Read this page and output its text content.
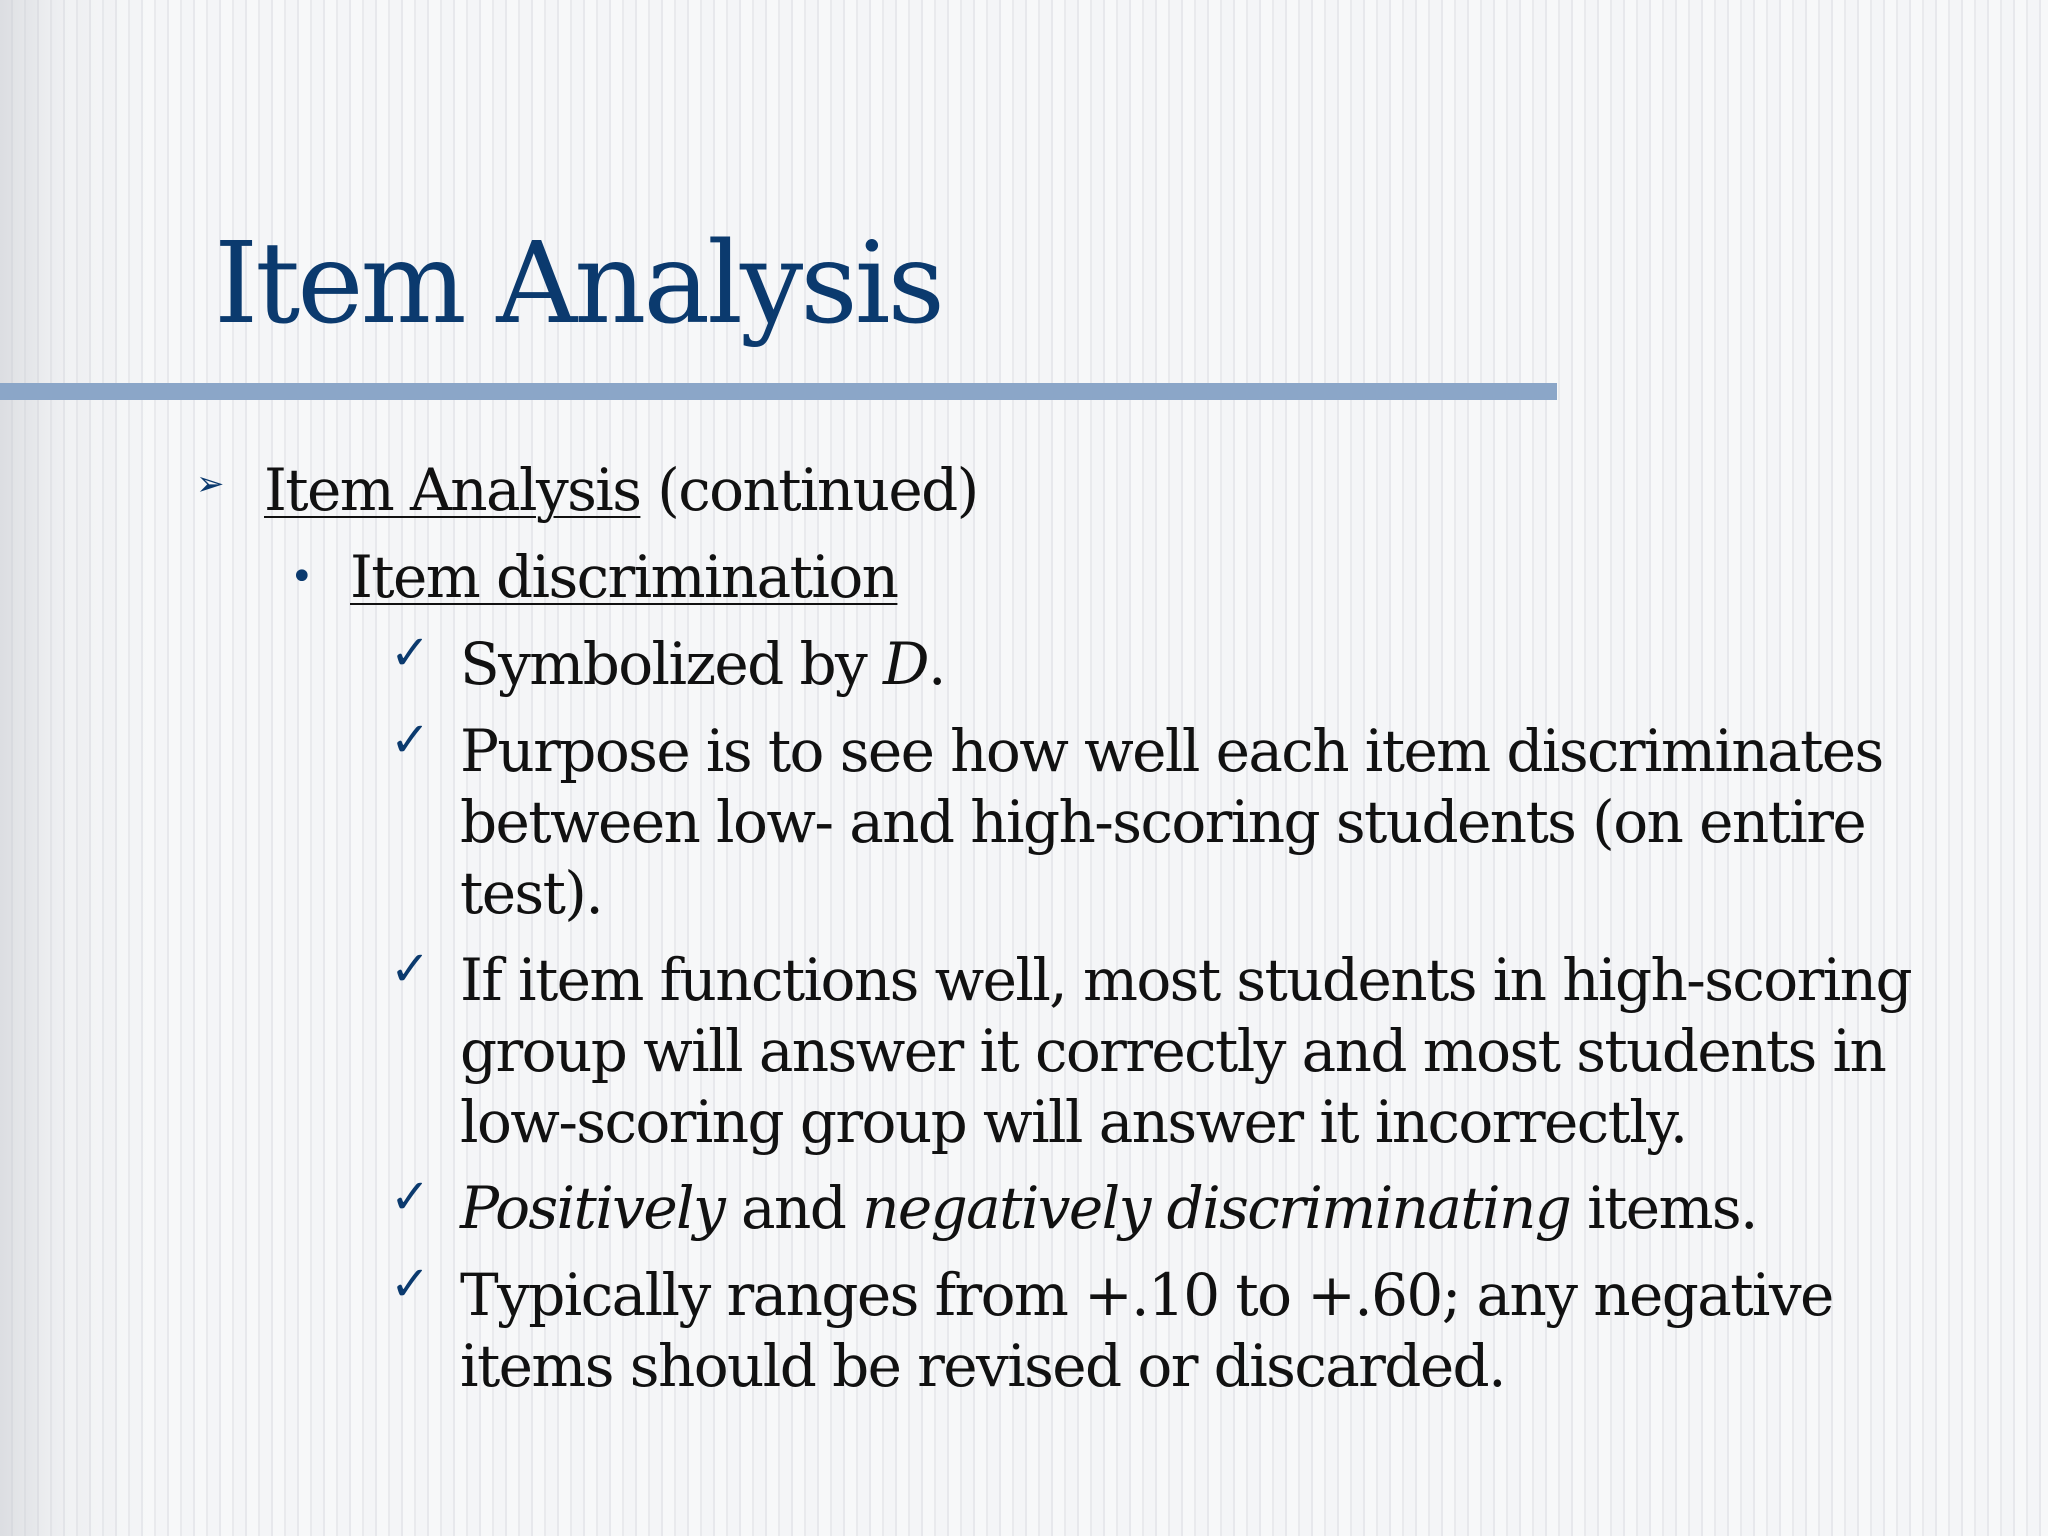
Item Analysis
➢ Item Analysis (continued)
• Item discrimination
✓ Symbolized by D.
✓ Purpose is to see how well each item discriminates
between low- and high-scoring students (on entire
test).
✓ If item functions well, most students in high-scoring
group will answer it correctly and most students in
low-scoring group will answer it incorrectly.
✓ Positively and negatively discriminating items.
✓ Typically ranges from +.10 to +.60; any negative
items should be revised or discarded.
